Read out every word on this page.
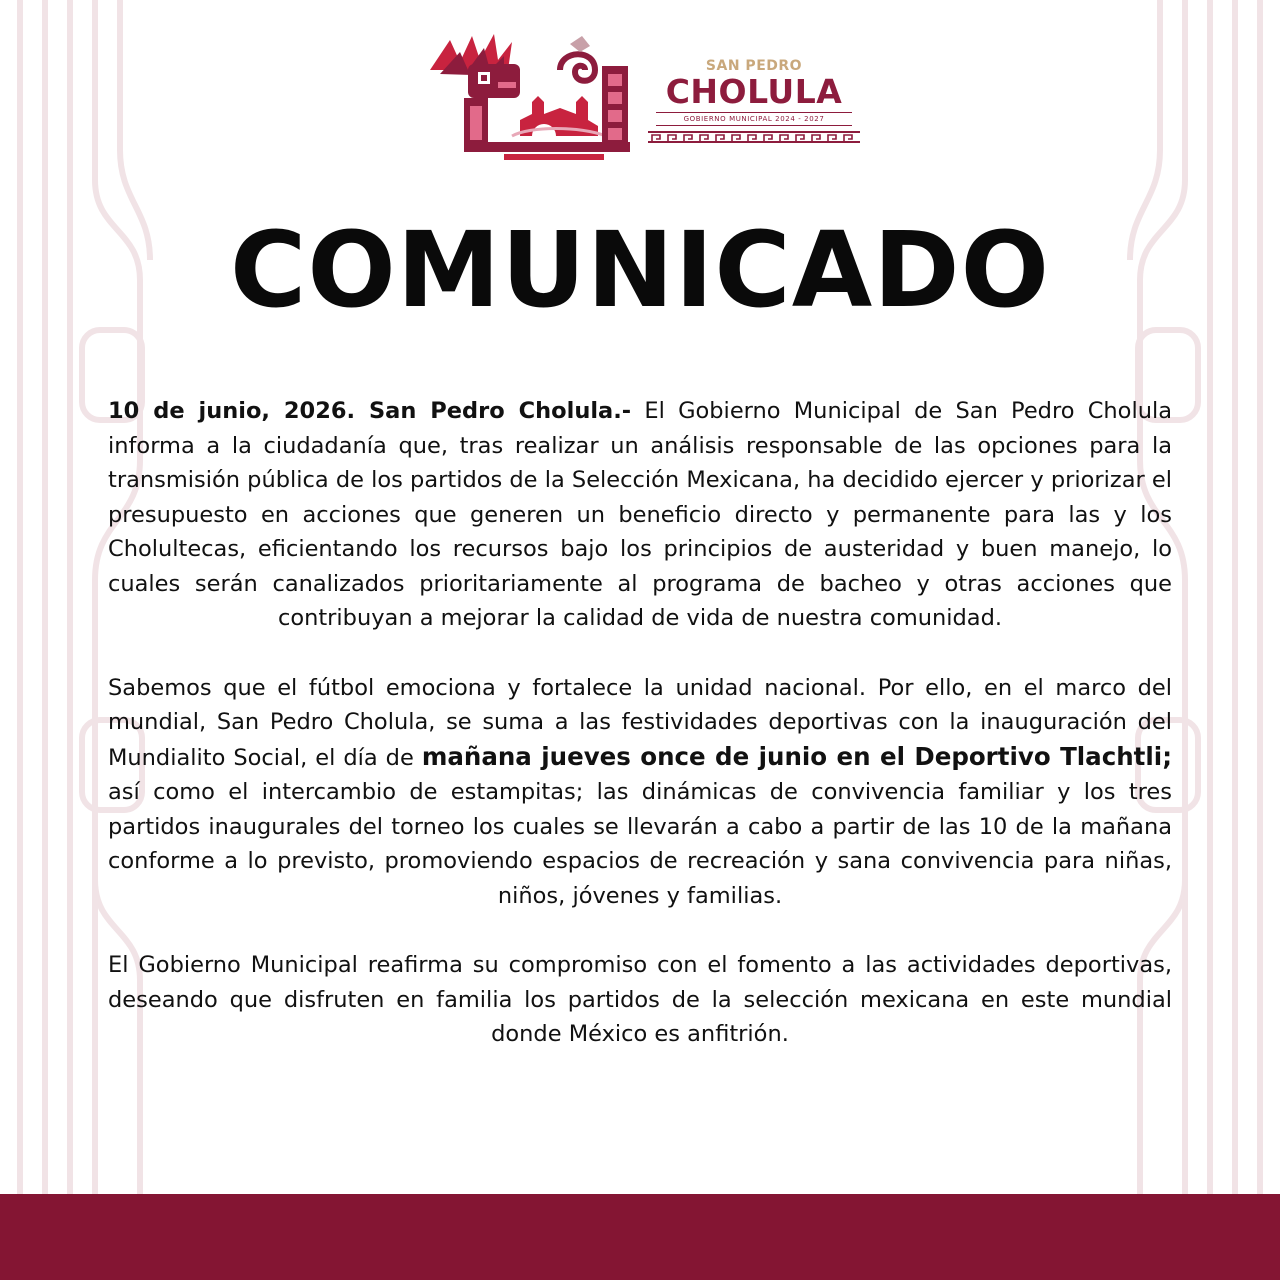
SAN PEDRO
CHOLULA
GOBIERNO MUNICIPAL 2024 - 2027
COMUNICADO

10 de junio, 2026. San Pedro Cholula.- El Gobierno Municipal de San Pedro Cholula informa a la ciudadanía que, tras realizar un análisis responsable de las opciones para la transmisión pública de los partidos de la Selección Mexicana, ha decidido ejercer y priorizar el presupuesto en acciones que generen un beneficio directo y permanente para las y los Cholultecas, eficientando los recursos bajo los principios de austeridad y buen manejo, lo cuales serán canalizados prioritariamente al programa de bacheo y otras acciones que contribuyan a mejorar la calidad de vida de nuestra comunidad.

Sabemos que el fútbol emociona y fortalece la unidad nacional. Por ello, en el marco del mundial, San Pedro Cholula, se suma a las festividades deportivas con la inauguración del Mundialito Social, el día de mañana jueves once de junio en el Deportivo Tlachtli; así como el intercambio de estampitas; las dinámicas de convivencia familiar y los tres partidos inaugurales del torneo los cuales se llevarán a cabo a partir de las 10 de la mañana conforme a lo previsto, promoviendo espacios de recreación y sana convivencia para niñas, niños, jóvenes y familias.

El Gobierno Municipal reafirma su compromiso con el fomento a las actividades deportivas, deseando que disfruten en familia los partidos de la selección mexicana en este mundial donde México es anfitrión.
